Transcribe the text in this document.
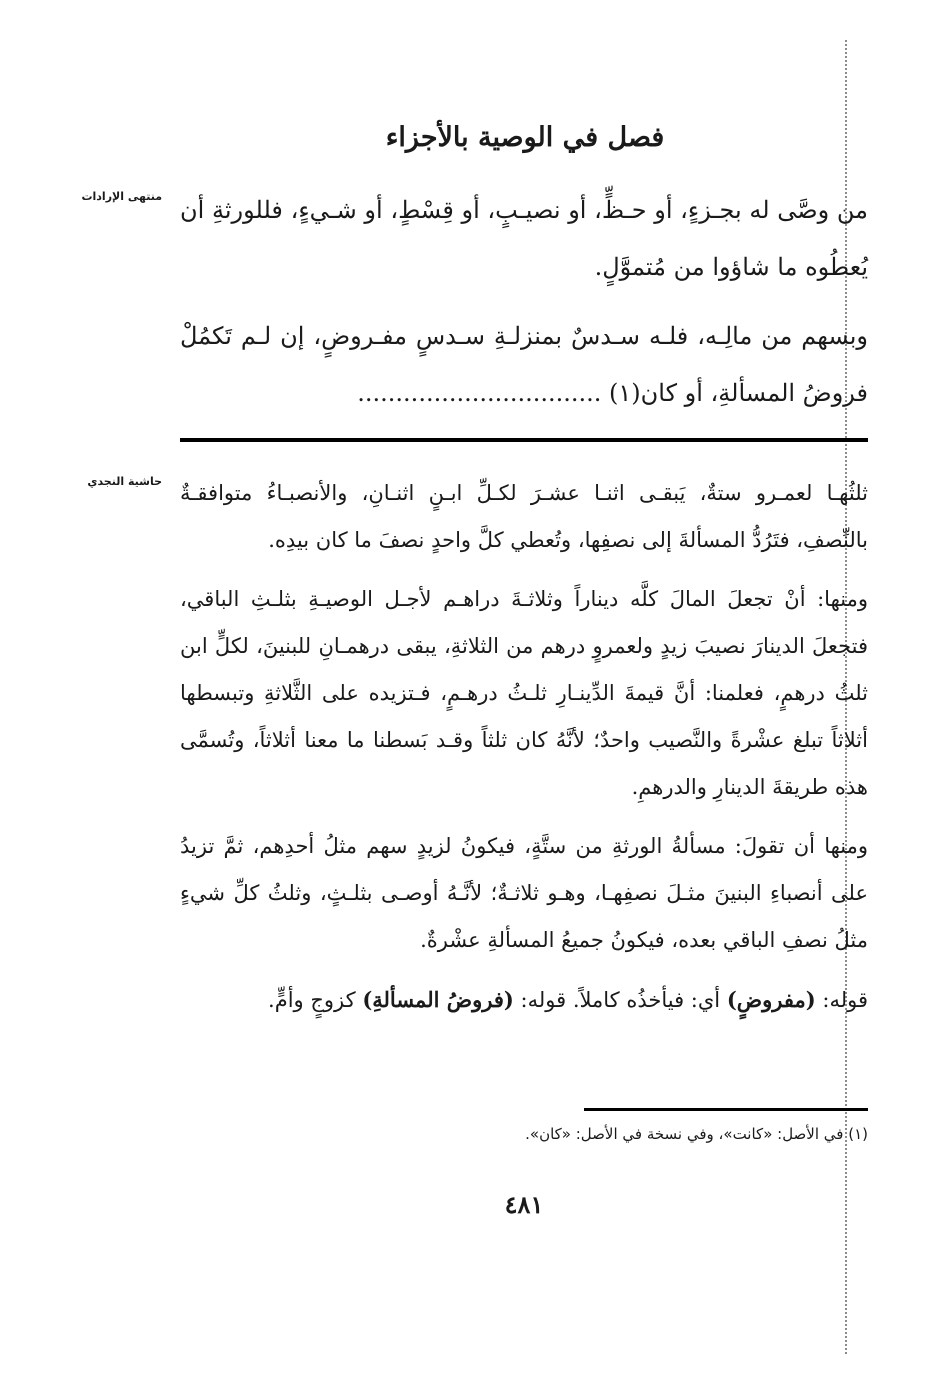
فصل في الوصية بالأجزاء
منتهى الإرادات من وصَّى له بجـزءٍ، أو حـظٍّ، أو نصيـبٍ، أو قِسْطٍ، أو شـيءٍ، فللورثةِ أن يُعطُوه ما شاؤوا من مُتموَّلٍ.

وبسهم من مالِـه، فلـه سـدسٌ بمنزلـةِ سـدسٍ مفـروضٍ، إن لـم تَكمُلْ فروضُ المسألةِ، أو كان(١) ................................

حاشية النجدي ثلثُهـا لعمـرو ستةٌ، يَبقـى اثنـا عشـرَ لكـلِّ ابـنٍ اثنـانِ، والأنصبـاءُ متوافقـةٌ بالنِّصفِ، فتَرُدُّ المسألةَ إلى نصفِها، وتُعطي كلَّ واحدٍ نصفَ ما كان بيدِه.

ومنها: أنْ تجعلَ المالَ كلَّه ديناراً وثلاثـةَ دراهـم لأجـل الوصيـةِ بثلـثِ الباقي، فتجعلَ الدينارَ نصيبَ زيدٍ ولعمروٍ درهم من الثلاثةِ، يبقى درهمـانِ للبنينَ، لكلٍّ ابن ثلثُ درهمٍ، فعلمنا: أنَّ قيمةَ الدِّينـارِ ثلـثُ درهـمٍ، فـتزيده على الثَّلاثةِ وتبسطها أثلاثاً تبلغ عشْرةً والنَّصيب واحدٌ؛ لأنَّهُ كان ثلثاً وقـد بَسطنا ما معنا أثلاثاً، وتُسمَّى هذه طريقةَ الدينارِ والدرهمِ.

ومنها أن تقولَ: مسألةُ الورثةِ من ستَّةٍ، فيكونُ لزيدٍ سهم مثلُ أحدِهم، ثمَّ تزيدُ على أنصباءِ البنينَ مثـلَ نصفِهـا، وهـو ثلاثـةٌ؛ لأنَّـهُ أوصـى بثلـثٍ، وثلثُ كلِّ شيءٍ مثلُ نصفِ الباقي بعده، فيكونُ جميعُ المسألةِ عشْرةٌ.

قوله: (مفروضٍ) أي: فيأخذُه كاملاً. قوله: (فروضُ المسألةِ) كزوجٍ وأمٍّ.

(١) في الأصل: «كانت»، وفي نسخة في الأصل: «كان».
٤٨١
